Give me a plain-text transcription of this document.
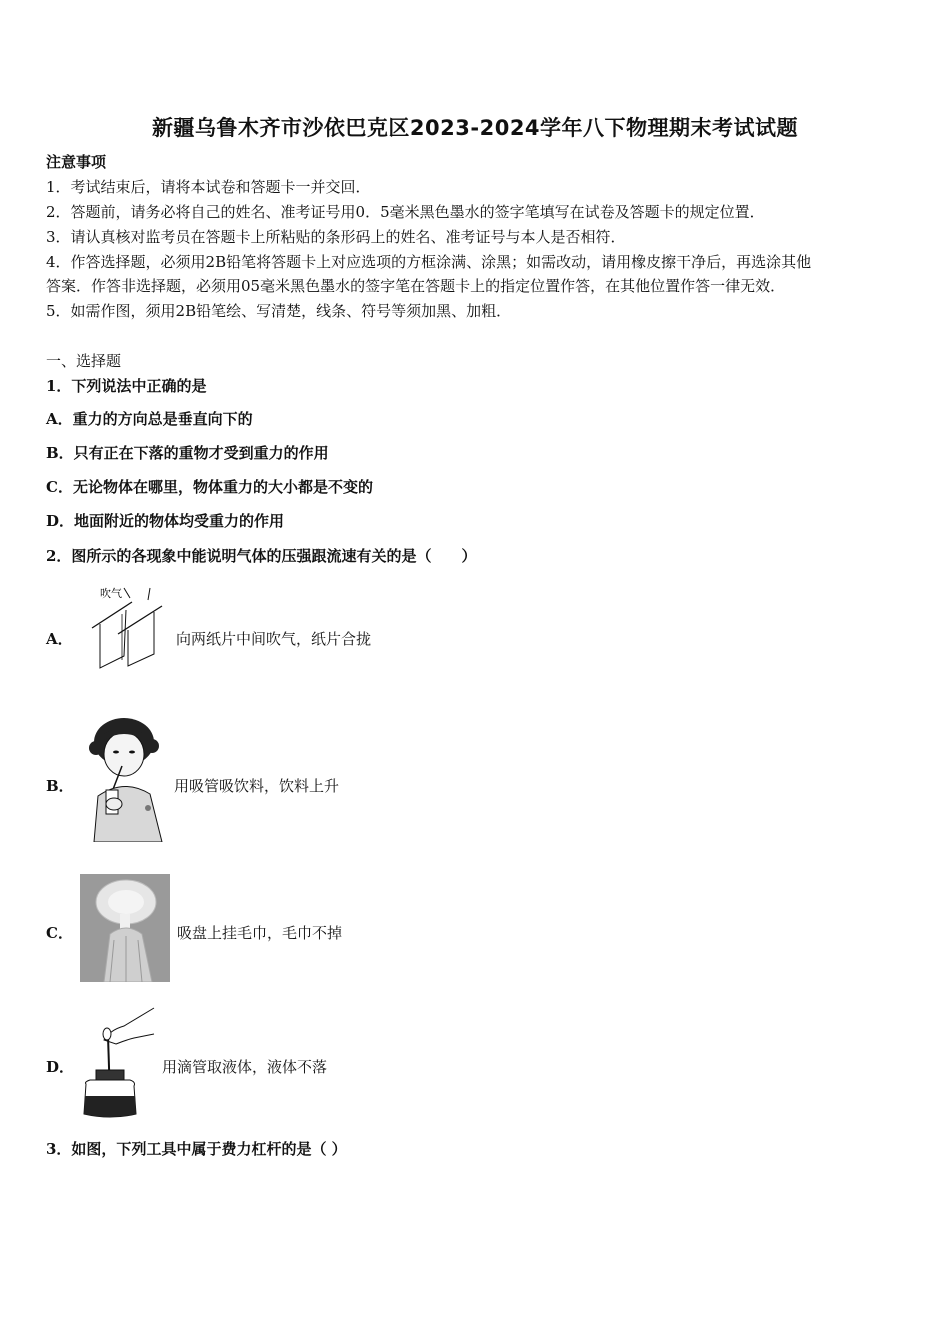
新疆乌鲁木齐市沙依巴克区2023-2024学年八下物理期末考试试题
注意事项
1．考试结束后，请将本试卷和答题卡一并交回．
2．答题前，请务必将自己的姓名、准考证号用0．5毫米黑色墨水的签字笔填写在试卷及答题卡的规定位置．
3．请认真核对监考员在答题卡上所粘贴的条形码上的姓名、准考证号与本人是否相符．
4．作答选择题，必须用2B铅笔将答题卡上对应选项的方框涂满、涂黑；如需改动，请用橡皮擦干净后，再选涂其他
答案．作答非选择题，必须用05毫米黑色墨水的签字笔在答题卡上的指定位置作答，在其他位置作答一律无效．
5．如需作图，须用2B铅笔绘、写清楚，线条、符号等须加黑、加粗．
一、选择题
1．下列说法中正确的是
A．重力的方向总是垂直向下的
B．只有正在下落的重物才受到重力的作用
C．无论物体在哪里，物体重力的大小都是不变的
D．地面附近的物体均受重力的作用
2．图所示的各现象中能说明气体的压强跟流速有关的是（　　）
A．
吹气
向两纸片中间吹气，纸片合拢
B．	用吸管吸饮料，饮料上升
C．	吸盘上挂毛巾，毛巾不掉
D．	用滴管取液体，液体不落
3．如图，下列工具中属于费力杠杆的是（ ）
